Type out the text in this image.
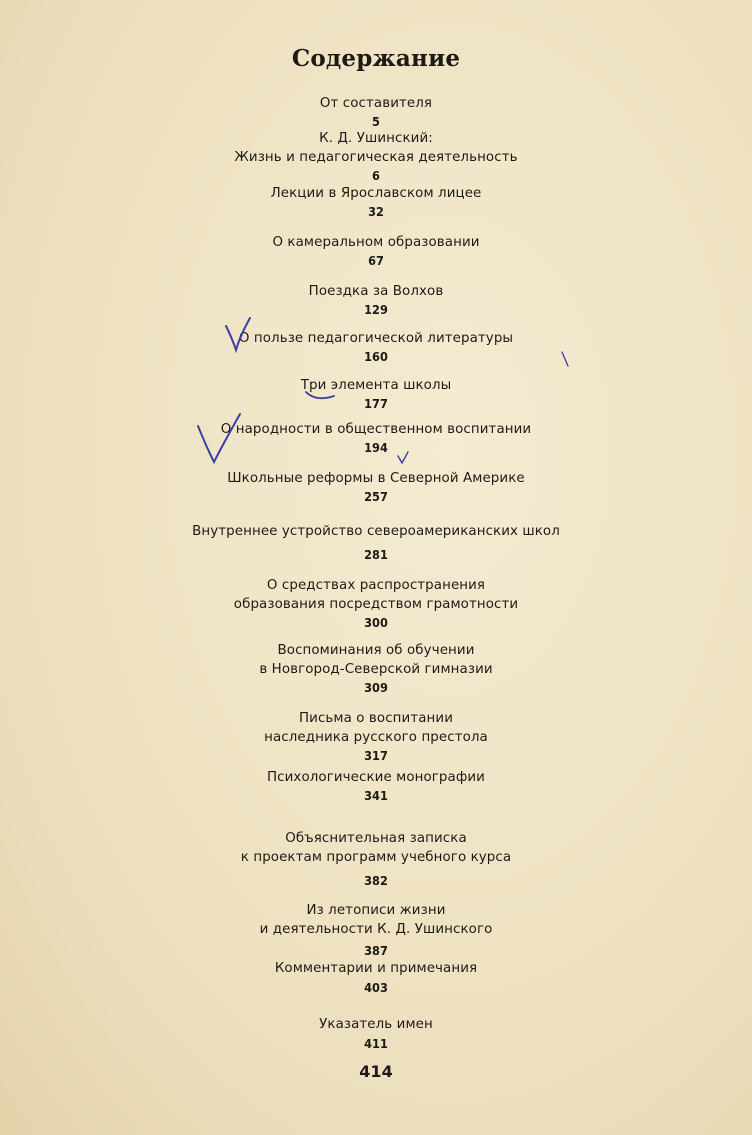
Содержание
От составителя
5
К. Д. Ушинский:
Жизнь и педагогическая деятельность
6
Лекции в Ярославском лицее
32
О камеральном образовании
67
Поездка за Волхов
129
О пользе педагогической литературы
160
Три элемента школы
177
О народности в общественном воспитании
194
Школьные реформы в Северной Америке
257
Внутреннее устройство североамериканских школ
281
О средствах распространения
образования посредством грамотности
300
Воспоминания об обучении
в Новгород-Северской гимназии
309
Письма о воспитании
наследника русского престола
317
Психологические монографии
341
Объяснительная записка
к проектам программ учебного курса
382
Из летописи жизни
и деятельности К. Д. Ушинского
387
Комментарии и примечания
403
Указатель имен
411
414
